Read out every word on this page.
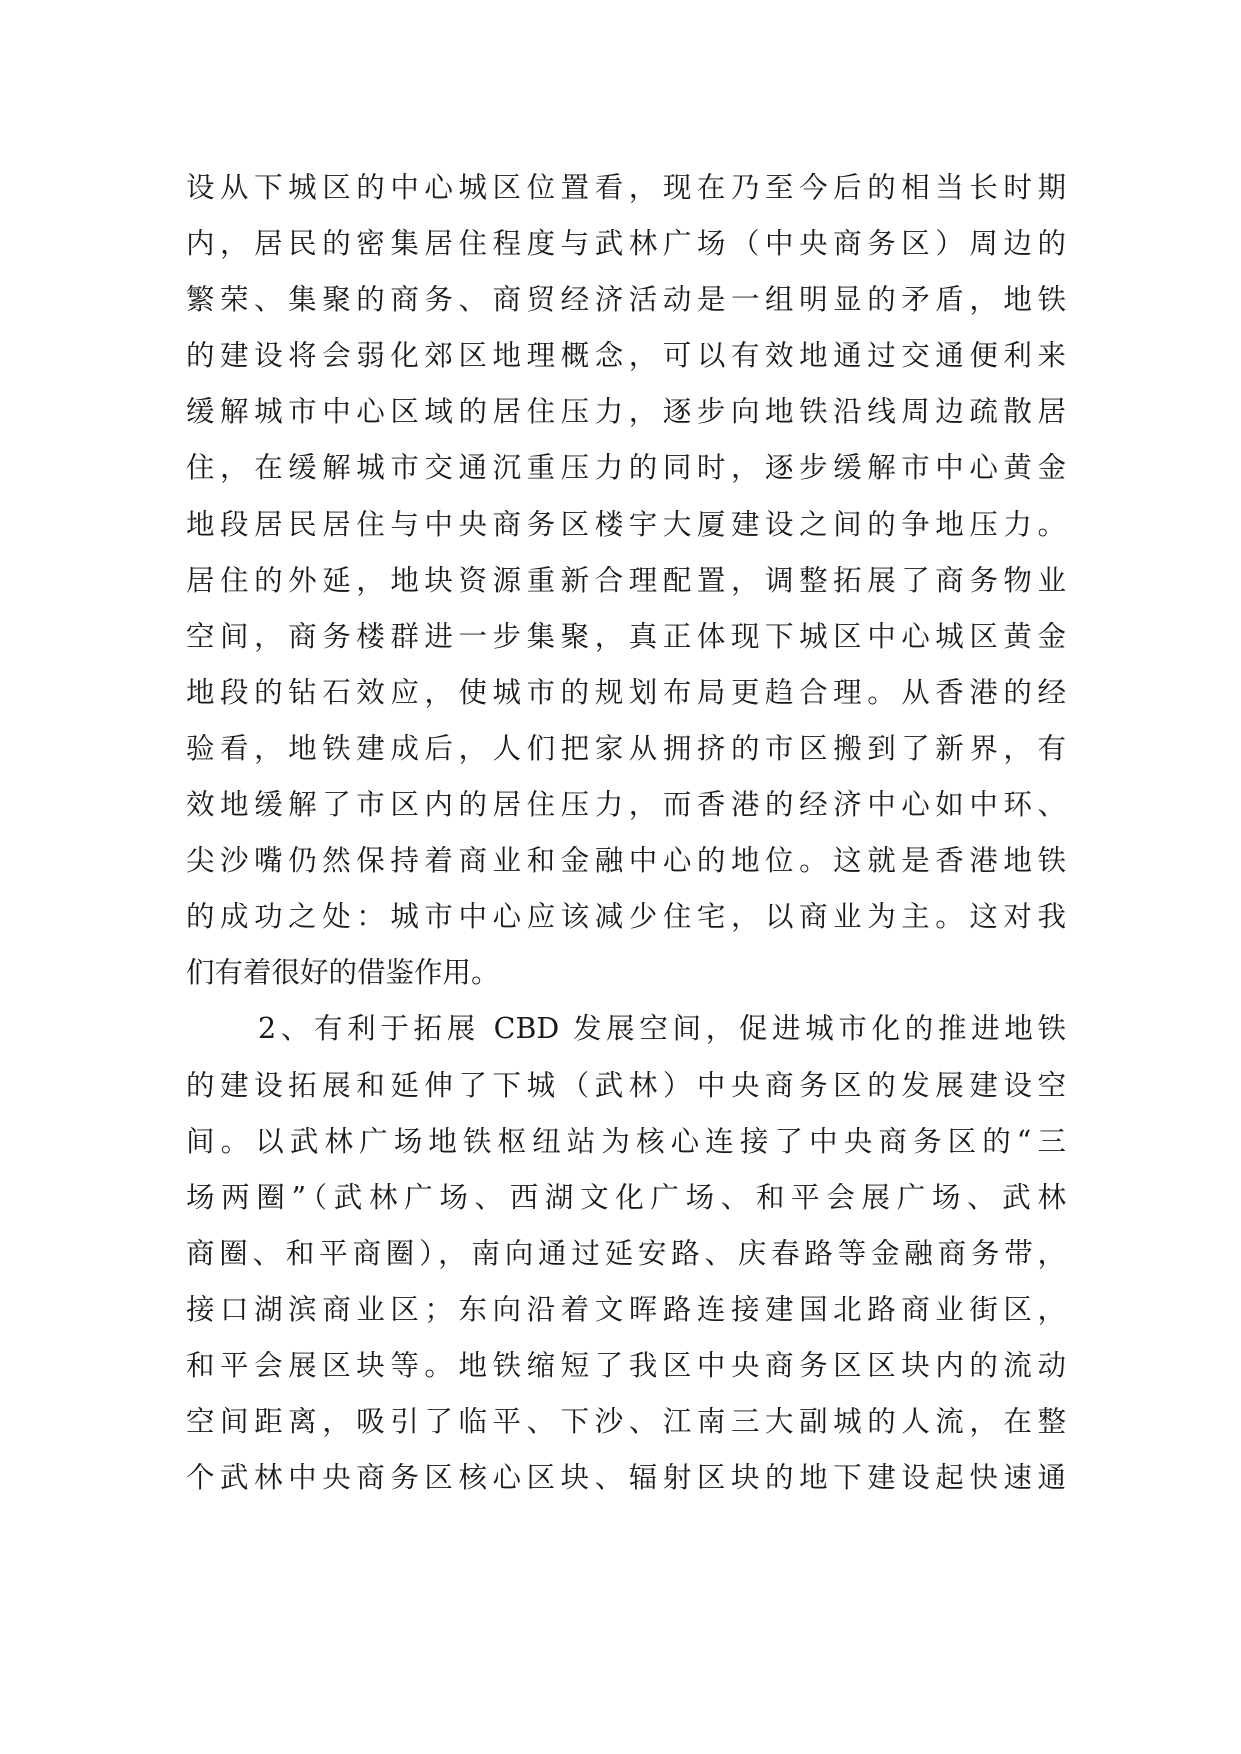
设从下城区的中心城区位置看，现在乃至今后的相当长时期
内，居民的密集居住程度与武林广场（中央商务区）周边的
繁荣、集聚的商务、商贸经济活动是一组明显的矛盾，地铁
的建设将会弱化郊区地理概念，可以有效地通过交通便利来
缓解城市中心区域的居住压力，逐步向地铁沿线周边疏散居
住，在缓解城市交通沉重压力的同时，逐步缓解市中心黄金
地段居民居住与中央商务区楼宇大厦建设之间的争地压力。
居住的外延，地块资源重新合理配置，调整拓展了商务物业
空间，商务楼群进一步集聚，真正体现下城区中心城区黄金
地段的钻石效应，使城市的规划布局更趋合理。从香港的经
验看，地铁建成后，人们把家从拥挤的市区搬到了新界，有
效地缓解了市区内的居住压力，而香港的经济中心如中环、
尖沙嘴仍然保持着商业和金融中心的地位。这就是香港地铁
的成功之处：城市中心应该减少住宅，以商业为主。这对我
们有着很好的借鉴作用。
2、有利于拓展 CBD 发展空间，促进城市化的推进地铁
的建设拓展和延伸了下城（武林）中央商务区的发展建设空
间。以武林广场地铁枢纽站为核心连接了中央商务区的“三
场两圈”（武林广场、西湖文化广场、和平会展广场、武林
商圈、和平商圈），南向通过延安路、庆春路等金融商务带，
接口湖滨商业区；东向沿着文晖路连接建国北路商业街区，
和平会展区块等。地铁缩短了我区中央商务区区块内的流动
空间距离，吸引了临平、下沙、江南三大副城的人流，在整
个武林中央商务区核心区块、辐射区块的地下建设起快速通
